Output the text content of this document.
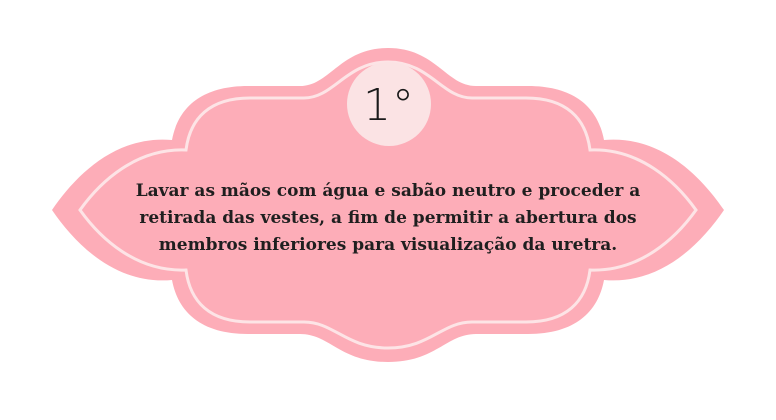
1°

Lavar as mãos com água e sabão neutro e proceder a retirada das vestes, a fim de permitir a abertura dos membros inferiores para visualização da uretra.
